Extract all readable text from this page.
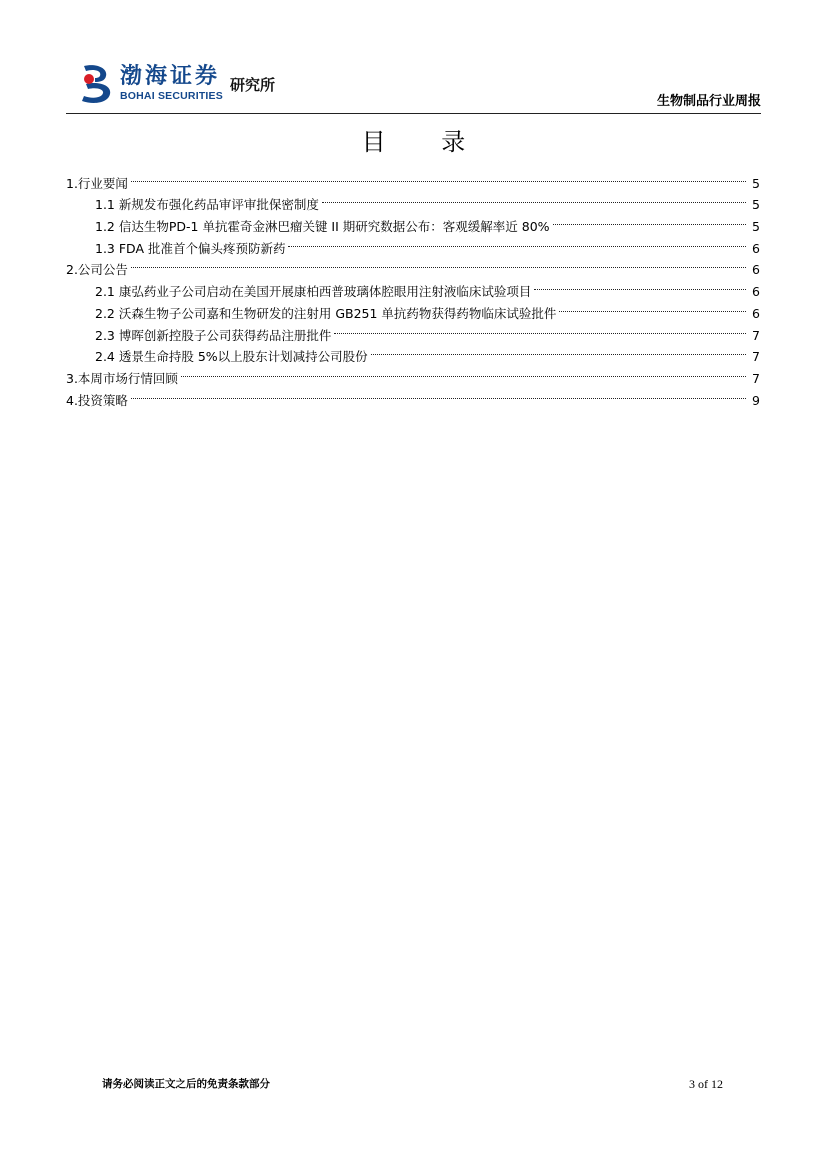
渤海证券
BOHAI SECURITIES
研究所
生物制品行业周报
目 录
1.行业要闻	5
1.1 新规发布强化药品审评审批保密制度	5
1.2 信达生物PD-1 单抗霍奇金淋巴瘤关键 II 期研究数据公布：客观缓解率近 80%	5
1.3 FDA 批准首个偏头疼预防新药	6
2.公司公告	6
2.1 康弘药业子公司启动在美国开展康柏西普玻璃体腔眼用注射液临床试验项目	6
2.2 沃森生物子公司嘉和生物研发的注射用 GB251 单抗药物获得药物临床试验批件	6
2.3 博晖创新控股子公司获得药品注册批件	7
2.4 透景生命持股 5%以上股东计划减持公司股份	7
3.本周市场行情回顾	7
4.投资策略	9
请务必阅读正文之后的免责条款部分	3 of 12
